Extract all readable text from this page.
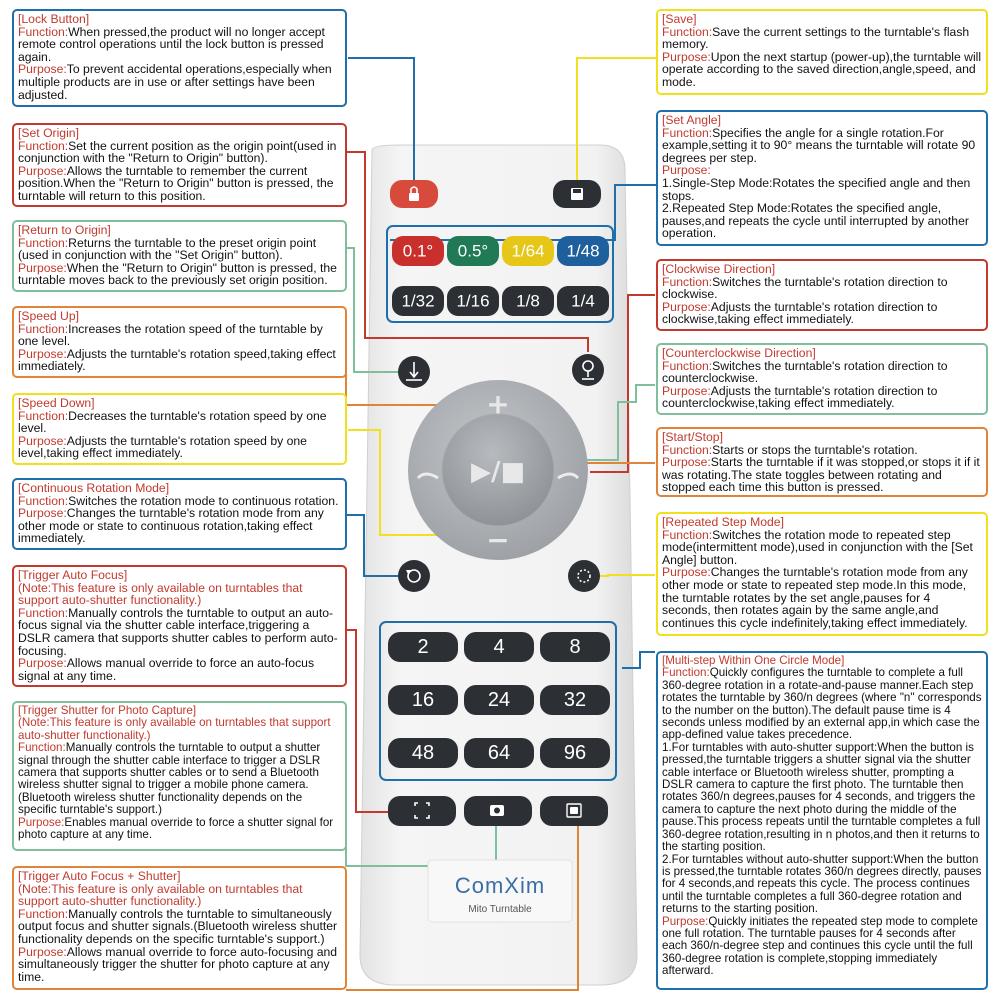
0.1° 0.5° 1/64 1/48
1/32 1/16 1/8 1/4
▶/■
+
−
2	4	8
16	24	32
48	64	96
ComXim
Mito Turntable

[Lock Button]

Function:When pressed,the product will no longer accept remote control operations until the lock button is pressed again.

Purpose:To prevent accidental operations,especially when multiple products are in use or after settings have been adjusted.

[Set Origin]

Function:Set the current position as the origin point(used in conjunction with the "Return to Origin" button).

Purpose:Allows the turntable to remember the current position.When the "Return to Origin" button is pressed, the turntable will return to this position.

[Return to Origin]

Function:Returns the turntable to the preset origin point (used in conjunction with the "Set Origin" button).

Purpose:When the "Return to Origin" button is pressed, the turntable moves back to the previously set origin position.

[Speed Up]

Function:Increases the rotation speed of the turntable by one level.

Purpose:Adjusts the turntable's rotation speed,taking effect immediately.

[Speed Down]

Function:Decreases the turntable's rotation speed by one level.

Purpose:Adjusts the turntable's rotation speed by one level,taking effect immediately.

[Continuous Rotation Mode]

Function:Switches the rotation mode to continuous rotation.

Purpose:Changes the turntable's rotation mode from any other mode or state to continuous rotation,taking effect immediately.

[Trigger Auto Focus]

(Note:This feature is only available on turntables that support auto-shutter functionality.)

Function:Manually controls the turntable to output an auto-focus signal via the shutter cable interface,triggering a DSLR camera that supports shutter cables to perform auto-focusing.

Purpose:Allows manual override to force an auto-focus signal at any time.

[Trigger Shutter for Photo Capture]

(Note:This feature is only available on turntables that support auto-shutter functionality.)

Function:Manually controls the turntable to output a shutter signal through the shutter cable interface to trigger a DSLR camera that supports shutter cables or to send a Bluetooth wireless shutter signal to trigger a mobile phone camera.(Bluetooth wireless shutter functionality depends on the specific turntable's support.)

Purpose:Enables manual override to force a shutter signal for photo capture at any time.

[Trigger Auto Focus + Shutter]

(Note:This feature is only available on turntables that support auto-shutter functionality.)

Function:Manually controls the turntable to simultaneously output focus and shutter signals.(Bluetooth wireless shutter functionality depends on the specific turntable's support.)

Purpose:Allows manual override to force auto-focusing and simultaneously trigger the shutter for photo capture at any time.

[Save]

Function:Save the current settings to the turntable's flash memory.

Purpose:Upon the next startup (power-up),the turntable will operate according to the saved direction,angle,speed, and mode.

[Set Angle]

Function:Specifies the angle for a single rotation.For example,setting it to 90° means the turntable will rotate 90 degrees per step.

Purpose:

1.Single-Step Mode:Rotates the specified angle and then stops.

2.Repeated Step Mode:Rotates the specified angle, pauses,and repeats the cycle until interrupted by another operation.

[Clockwise Direction]

Function:Switches the turntable's rotation direction to clockwise.

Purpose:Adjusts the turntable's rotation direction to clockwise,taking effect immediately.

[Counterclockwise Direction]

Function:Switches the turntable's rotation direction to counterclockwise.

Purpose:Adjusts the turntable's rotation direction to counterclockwise,taking effect immediately.

[Start/Stop]

Function:Starts or stops the turntable's rotation.

Purpose:Starts the turntable if it was stopped,or stops it if it was rotating.The state toggles between rotating and stopped each time this button is pressed.

[Repeated Step Mode]

Function:Switches the rotation mode to repeated step mode(intermittent mode),used in conjunction with the [Set Angle] button.

Purpose:Changes the turntable's rotation mode from any other mode or state to repeated step mode.In this mode, the turntable rotates by the set angle,pauses for 4 seconds, then rotates again by the same angle,and continues this cycle indefinitely,taking effect immediately.

[Multi-step Within One Circle Mode]

Function:Quickly configures the turntable to complete a full 360-degree rotation in a rotate-and-pause manner.Each step rotates the turntable by 360/n degrees (where "n" corresponds to the number on the button).The default pause time is 4 seconds unless modified by an external app,in which case the app-defined value takes precedence.

1.For turntables with auto-shutter support:When the button is pressed,the turntable triggers a shutter signal via the shutter cable interface or Bluetooth wireless shutter, prompting a DSLR camera to capture the first photo. The turntable then rotates 360/n degrees,pauses for 4 seconds, and triggers the camera to capture the next photo during the middle of the pause.This process repeats until the turntable completes a full 360-degree rotation,resulting in n photos,and then it returns to the starting position.

2.For turntables without auto-shutter support:When the button is pressed,the turntable rotates 360/n degrees directly, pauses for 4 seconds,and repeats this cycle. The process continues until the turntable completes a full 360-degree rotation and returns to the starting position.

Purpose:Quickly initiates the repeated step mode to complete one full rotation. The turntable pauses for 4 seconds after each 360/n-degree step and continues this cycle until the full 360-degree rotation is complete,stopping immediately afterward.
